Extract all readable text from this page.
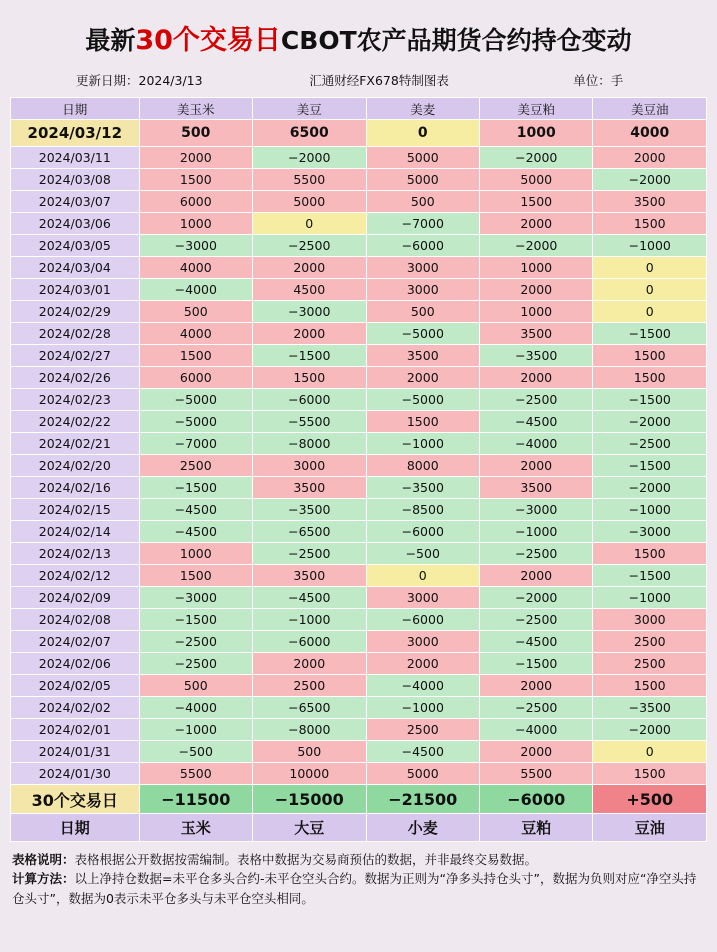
最新30个交易日CBOT农产品期货合约持仓变动
更新日期：2024/3/13	汇通财经FX678特制图表	单位：手
日期	美玉米	美豆	美麦	美豆粕	美豆油
2024/03/12	500	6500	0	1000	4000
2024/03/11	2000	−2000	5000	−2000	2000
2024/03/08	1500	5500	5000	5000	−2000
2024/03/07	6000	5000	500	1500	3500
2024/03/06	1000	0	−7000	2000	1500
2024/03/05	−3000	−2500	−6000	−2000	−1000
2024/03/04	4000	2000	3000	1000	0
2024/03/01	−4000	4500	3000	2000	0
2024/02/29	500	−3000	500	1000	0
2024/02/28	4000	2000	−5000	3500	−1500
2024/02/27	1500	−1500	3500	−3500	1500
2024/02/26	6000	1500	2000	2000	1500
2024/02/23	−5000	−6000	−5000	−2500	−1500
2024/02/22	−5000	−5500	1500	−4500	−2000
2024/02/21	−7000	−8000	−1000	−4000	−2500
2024/02/20	2500	3000	8000	2000	−1500
2024/02/16	−1500	3500	−3500	3500	−2000
2024/02/15	−4500	−3500	−8500	−3000	−1000
2024/02/14	−4500	−6500	−6000	−1000	−3000
2024/02/13	1000	−2500	−500	−2500	1500
2024/02/12	1500	3500	0	2000	−1500
2024/02/09	−3000	−4500	3000	−2000	−1000
2024/02/08	−1500	−1000	−6000	−2500	3000
2024/02/07	−2500	−6000	3000	−4500	2500
2024/02/06	−2500	2000	2000	−1500	2500
2024/02/05	500	2500	−4000	2000	1500
2024/02/02	−4000	−6500	−1000	−2500	−3500
2024/02/01	−1000	−8000	2500	−4000	−2000
2024/01/31	−500	500	−4500	2000	0
2024/01/30	5500	10000	5000	5500	1500
30个交易日	−11500	−15000	−21500	−6000	+500
日期	玉米	大豆	小麦	豆粕	豆油
表格说明：表格根据公开数据按需编制。表格中数据为交易商预估的数据，并非最终交易数据。
计算方法：以上净持仓数据=未平仓多头合约-未平仓空头合约。数据为正则为“净多头持仓头寸”，数据为负则对应“净空头持仓头寸”，数据为0表示未平仓多头与未平仓空头相同。
